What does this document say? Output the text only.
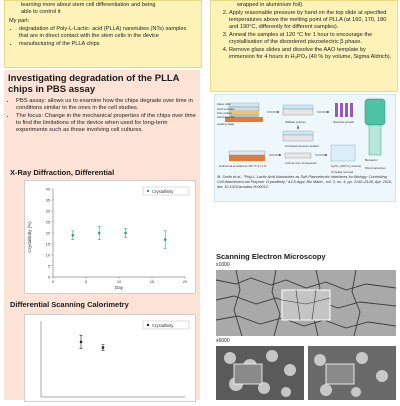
learning more about stem cell differentiation and being
able to control it
My part:
• degradation of Poly-L-Lactic- acid (PLLA) nanotubes (NTs) samples that are in direct contact with the stem cells in the device
• manufacturing of the PLLA chips
wrapped in aluminium foil).
2. Apply reasonable pressure by hand on the top slide at specified temperatures above the melting point of PLLA (at 160, 170, 180 and 190°C, differently for different samples).
3. Anneal the samples at 120 °C for 1 hour to encourage the crystallisation of the disordered piezoelectric β phase.
4. Remove glass slides and dissolve the AAO template by immersion for 4 hours in H₃PO₄ (40 % by volume, Sigma Aldrich).
Investigating degradation of the PLLA chips in PBS assay
• PBS assay: allows us to examine how the chips degrade over time in conditions similar to the ones in the cell studies.
• The focus: Change in the mechanical properties of the chips over time to find the limitations of the device when used for long-term experiments such as those involving cell cultures.
X-Ray Diffraction, Differential
40
35
30
25
20
15
10
5
0
0	5	10	15	20
Crystallinity
Crystallinity (%)
Day
Differential Scanning Calorimetry
Crystallinity
Glass slide
AAO template
Pure pellets
Aluminium foil
Heating stage	Infiltrate polymer	Nanowire growth
Bioreactor
Overhead pressure applied
Isothermal annealed at 120 °C for 1 hr
Cool at room temperature
H₃PO₄ (40% by volume)
Template removal
PLLA nanotubes
M. Smith et al., "Poly-L-Lactic Acid Nanotubes as Soft Piezoelectric Interfaces for Biology: Controlling Cell Attachment via Polymer Crystallinity," ACS Appl. Bio Mater., vol. 3, no. 4, pp. 2140–2149, Apr. 2020, doi: 10.1021/acsabm.0c00012.
Scanning Electron Microscopy
x1000
x6000
